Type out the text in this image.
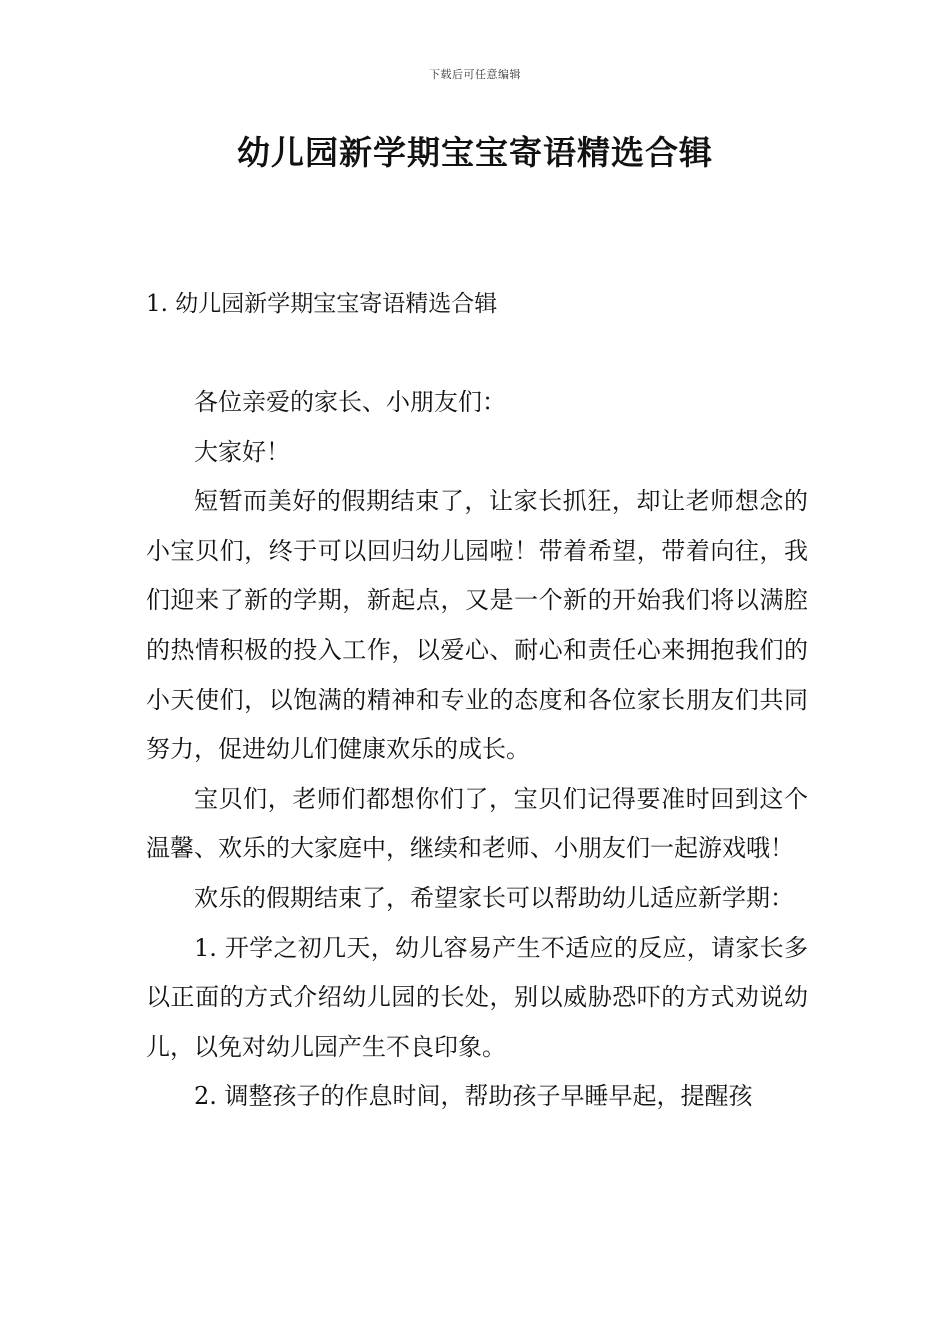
下载后可任意编辑
幼儿园新学期宝宝寄语精选合辑
1. 幼儿园新学期宝宝寄语精选合辑

各位亲爱的家长、小朋友们：

大家好！

短暂而美好的假期结束了，让家长抓狂，却让老师想念的小宝贝们，终于可以回归幼儿园啦！带着希望，带着向往，我们迎来了新的学期，新起点，又是一个新的开始我们将以满腔的热情积极的投入工作，以爱心、耐心和责任心来拥抱我们的小天使们，以饱满的精神和专业的态度和各位家长朋友们共同努力，促进幼儿们健康欢乐的成长。

宝贝们，老师们都想你们了，宝贝们记得要准时回到这个温馨、欢乐的大家庭中，继续和老师、小朋友们一起游戏哦！

欢乐的假期结束了，希望家长可以帮助幼儿适应新学期：

1. 开学之初几天，幼儿容易产生不适应的反应，请家长多以正面的方式介绍幼儿园的长处，别以威胁恐吓的方式劝说幼儿，以免对幼儿园产生不良印象。

2. 调整孩子的作息时间，帮助孩子早睡早起，提醒孩
